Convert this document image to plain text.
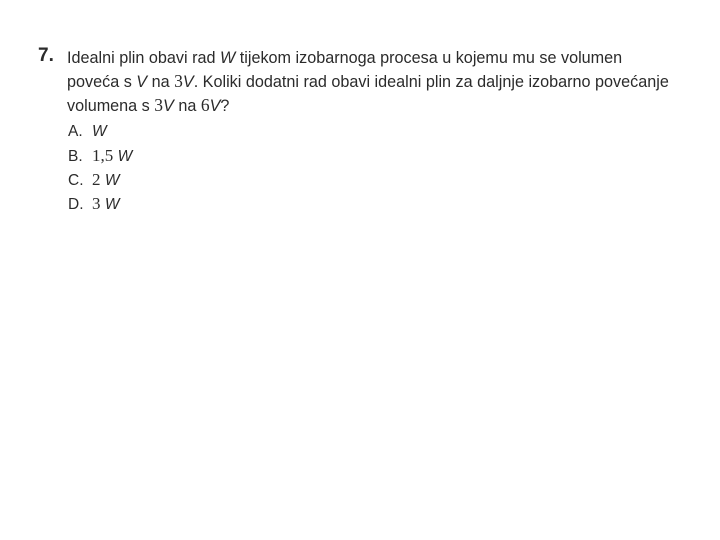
7. Idealni plin obavi rad W tijekom izobarnoga procesa u kojemu mu se volumen
poveća s V na 3V. Koliki dodatni rad obavi idealni plin za daljnje izobarno povećanje
volumena s 3V na 6V?
A. W
B. 1,5 W
C. 2 W
D. 3 W
